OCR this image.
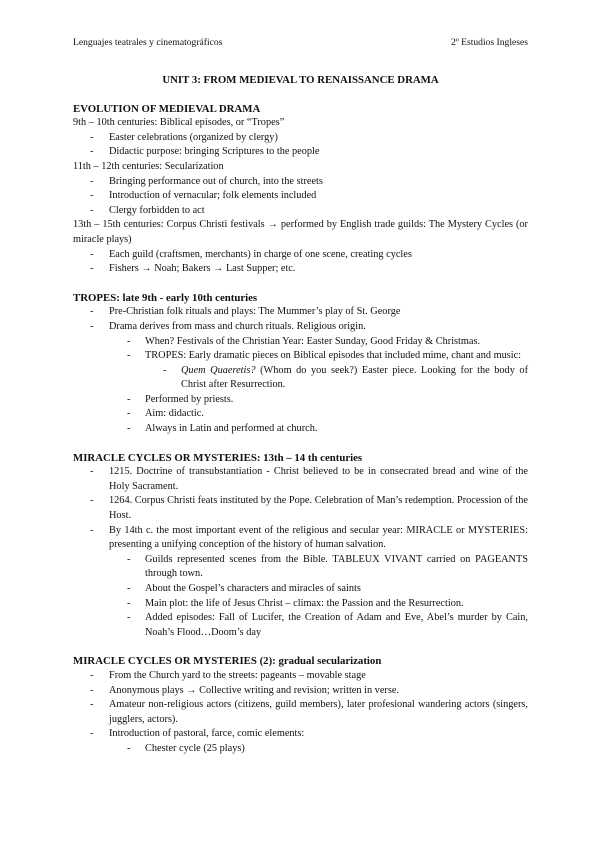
Lenguajes teatrales y cinematográficos	2º Estudios Ingleses
UNIT 3: FROM MEDIEVAL TO RENAISSANCE DRAMA
EVOLUTION OF MEDIEVAL DRAMA
9th – 10th centuries: Biblical episodes, or “Tropes”
- Easter celebrations (organized by clergy)
- Didactic purpose: bringing Scriptures to the people
11th – 12th centuries: Secularization
- Bringing performance out of church, into the streets
- Introduction of vernacular; folk elements included
- Clergy forbidden to act
13th – 15th centuries: Corpus Christi festivals → performed by English trade guilds: The Mystery Cycles (or miracle plays)
- Each guild (craftsmen, merchants) in charge of one scene, creating cycles
- Fishers → Noah; Bakers → Last Supper; etc.
TROPES: late 9th - early 10th centuries
- Pre-Christian folk rituals and plays: The Mummer’s play of St. George
- Drama derives from mass and church rituals. Religious origin.
- When? Festivals of the Christian Year: Easter Sunday, Good Friday & Christmas.
- TROPES: Early dramatic pieces on Biblical episodes that included mime, chant and music:
- Quem Quaeretis? (Whom do you seek?) Easter piece. Looking for the body of Christ after Resurrection.
- Performed by priests.
- Aim: didactic.
- Always in Latin and performed at church.
MIRACLE CYCLES OR MYSTERIES: 13th – 14 th centuries
- 1215. Doctrine of transubstantiation - Christ believed to be in consecrated bread and wine of the Holy Sacrament.
- 1264. Corpus Christi feats instituted by the Pope. Celebration of Man’s redemption. Procession of the Host.
- By 14th c. the most important event of the religious and secular year: MIRACLE or MYSTERIES: presenting a unifying conception of the history of human salvation.
- Guilds represented scenes from the Bible. TABLEUX VIVANT carried on PAGEANTS through town.
- About the Gospel’s characters and miracles of saints
- Main plot: the life of Jesus Christ – climax: the Passion and the Resurrection.
- Added episodes: Fall of Lucifer, the Creation of Adam and Eve, Abel’s murder by Cain, Noah’s Flood…Doom’s day
MIRACLE CYCLES OR MYSTERIES (2): gradual secularization
- From the Church yard to the streets: pageants – movable stage
- Anonymous plays → Collective writing and revision; written in verse.
- Amateur non-religious actors (citizens, guild members), later profesional wandering actors (singers, jugglers, actors).
- Introduction of pastoral, farce, comic elements:
- Chester cycle (25 plays)
